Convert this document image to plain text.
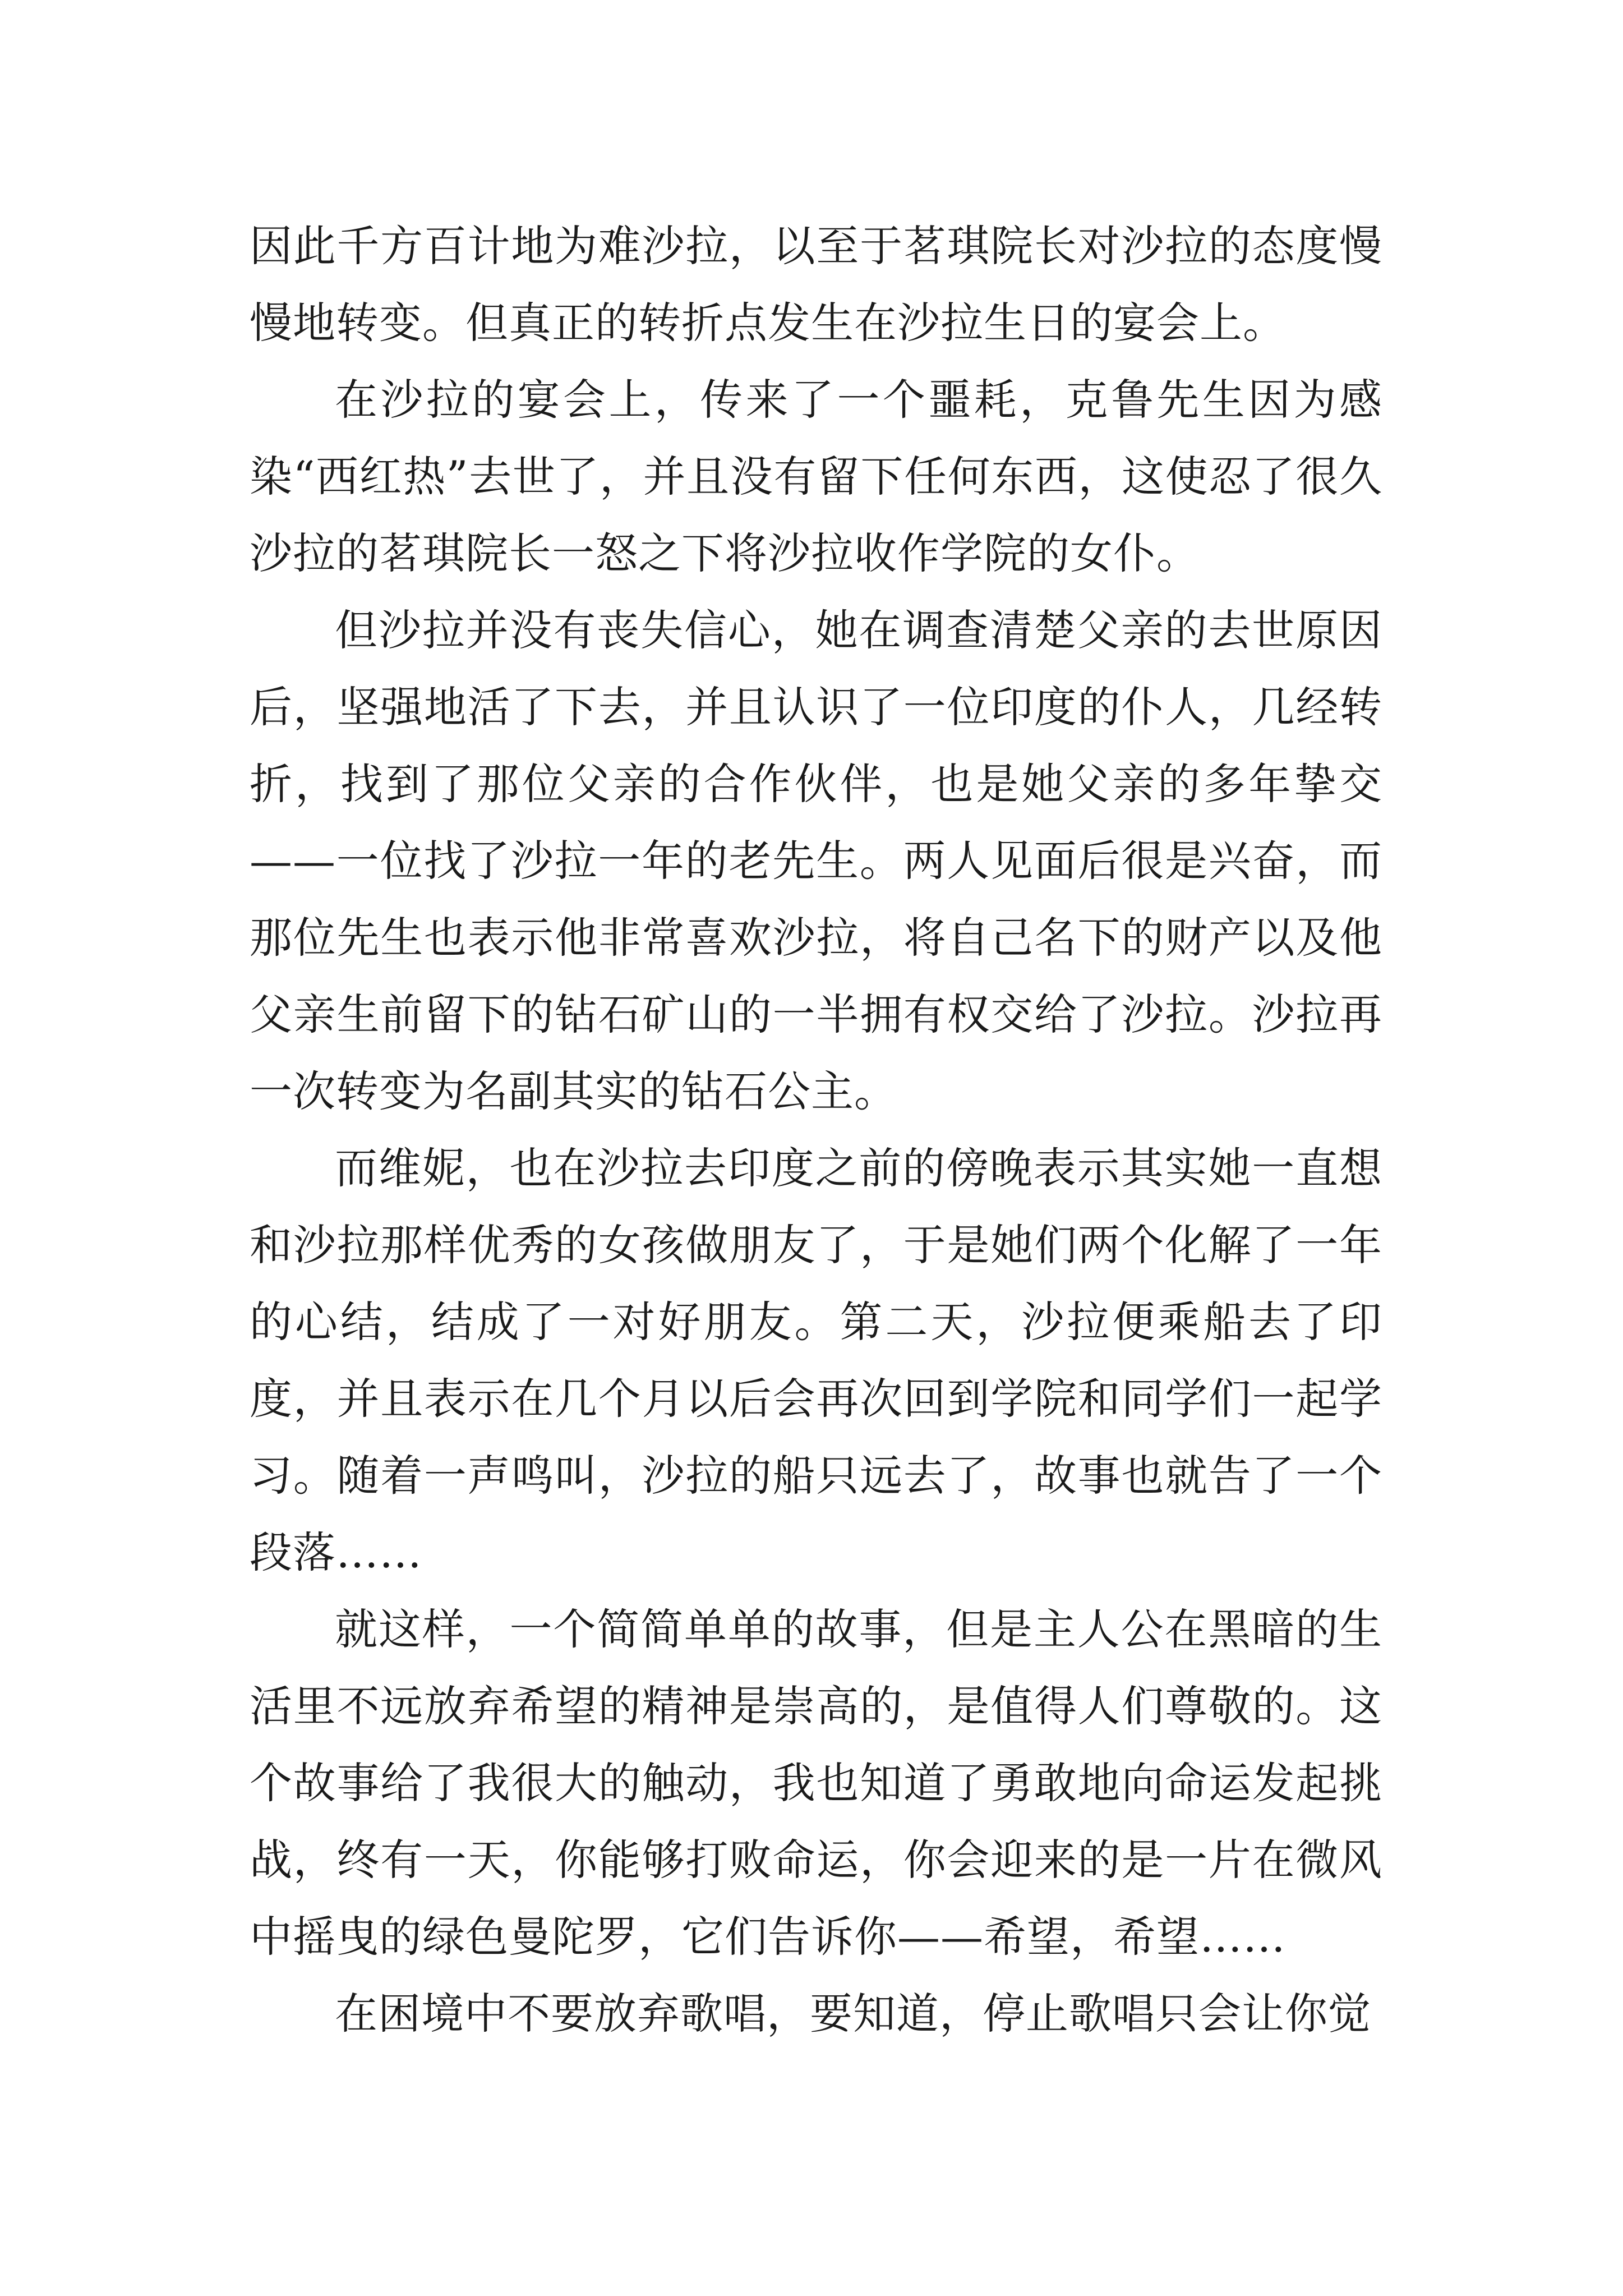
因此千方百计地为难沙拉，以至于茗琪院长对沙拉的态度慢慢地转变。但真正的转折点发生在沙拉生日的宴会上。

在沙拉的宴会上，传来了一个噩耗，克鲁先生因为感染“西红热”去世了，并且没有留下任何东西，这使忍了很久沙拉的茗琪院长一怒之下将沙拉收作学院的女仆。

但沙拉并没有丧失信心，她在调查清楚父亲的去世原因后，坚强地活了下去，并且认识了一位印度的仆人，几经转折，找到了那位父亲的合作伙伴，也是她父亲的多年挚交——一位找了沙拉一年的老先生。两人见面后很是兴奋，而那位先生也表示他非常喜欢沙拉，将自己名下的财产以及他父亲生前留下的钻石矿山的一半拥有权交给了沙拉。沙拉再一次转变为名副其实的钻石公主。

而维妮，也在沙拉去印度之前的傍晚表示其实她一直想和沙拉那样优秀的女孩做朋友了，于是她们两个化解了一年的心结，结成了一对好朋友。第二天，沙拉便乘船去了印度，并且表示在几个月以后会再次回到学院和同学们一起学习。随着一声鸣叫，沙拉的船只远去了，故事也就告了一个段落……

就这样，一个简简单单的故事，但是主人公在黑暗的生活里不远放弃希望的精神是崇高的，是值得人们尊敬的。这个故事给了我很大的触动，我也知道了勇敢地向命运发起挑战，终有一天，你能够打败命运，你会迎来的是一片在微风中摇曳的绿色曼陀罗，它们告诉你——希望，希望……

在困境中不要放弃歌唱，要知道，停止歌唱只会让你觉
